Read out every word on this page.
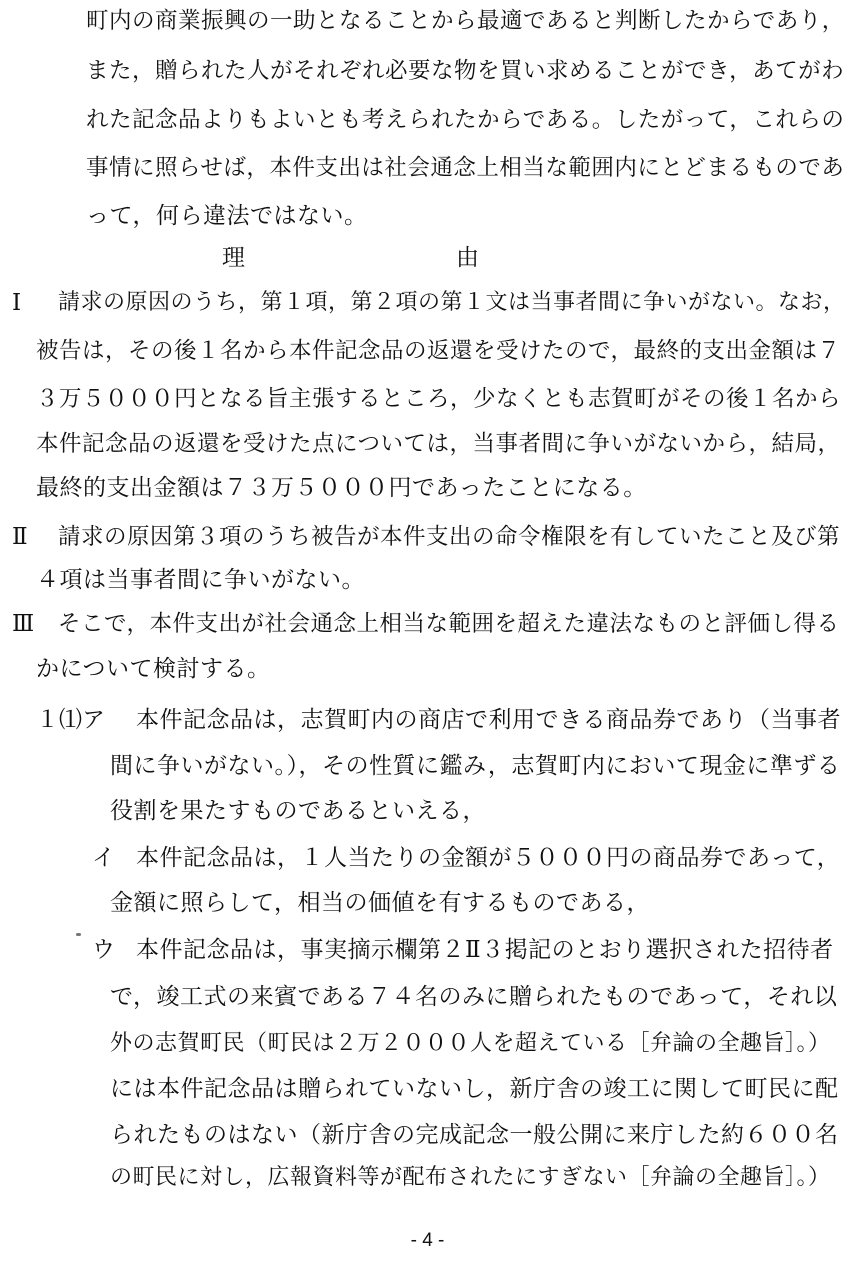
町内の商業振興の一助となることから最適であると判断したからであり，
また，贈られた人がそれぞれ必要な物を買い求めることができ，あてがわ
れた記念品よりもよいとも考えられたからである。したがって，これらの
事情に照らせば，本件支出は社会通念上相当な範囲内にとどまるものであ
って，何ら違法ではない。
理	由
Ⅰ 請求の原因のうち，第１項，第２項の第１文は当事者間に争いがない。なお，
被告は，その後１名から本件記念品の返還を受けたので，最終的支出金額は７
３万５０００円となる旨主張するところ，少なくとも志賀町がその後１名から
本件記念品の返還を受けた点については，当事者間に争いがないから，結局，
最終的支出金額は７３万５０００円であったことになる。
Ⅱ 請求の原因第３項のうち被告が本件支出の命令権限を有していたこと及び第
４項は当事者間に争いがない。
Ⅲ そこで，本件支出が社会通念上相当な範囲を超えた違法なものと評価し得る
かについて検討する。
１⑴ア 本件記念品は，志賀町内の商店で利用できる商品券であり（当事者
間に争いがない。），その性質に鑑み，志賀町内において現金に準ずる
役割を果たすものであるといえる，
イ 本件記念品は，１人当たりの金額が５０００円の商品券であって，
金額に照らして，相当の価値を有するものである，
ウ 本件記念品は，事実摘示欄第２Ⅱ３掲記のとおり選択された招待者
で，竣工式の来賓である７４名のみに贈られたものであって，それ以
外の志賀町民（町民は２万２０００人を超えている［弁論の全趣旨］。）
には本件記念品は贈られていないし，新庁舎の竣工に関して町民に配
られたものはない（新庁舎の完成記念一般公開に来庁した約６００名
の町民に対し，広報資料等が配布されたにすぎない［弁論の全趣旨］。）
- 4 -
